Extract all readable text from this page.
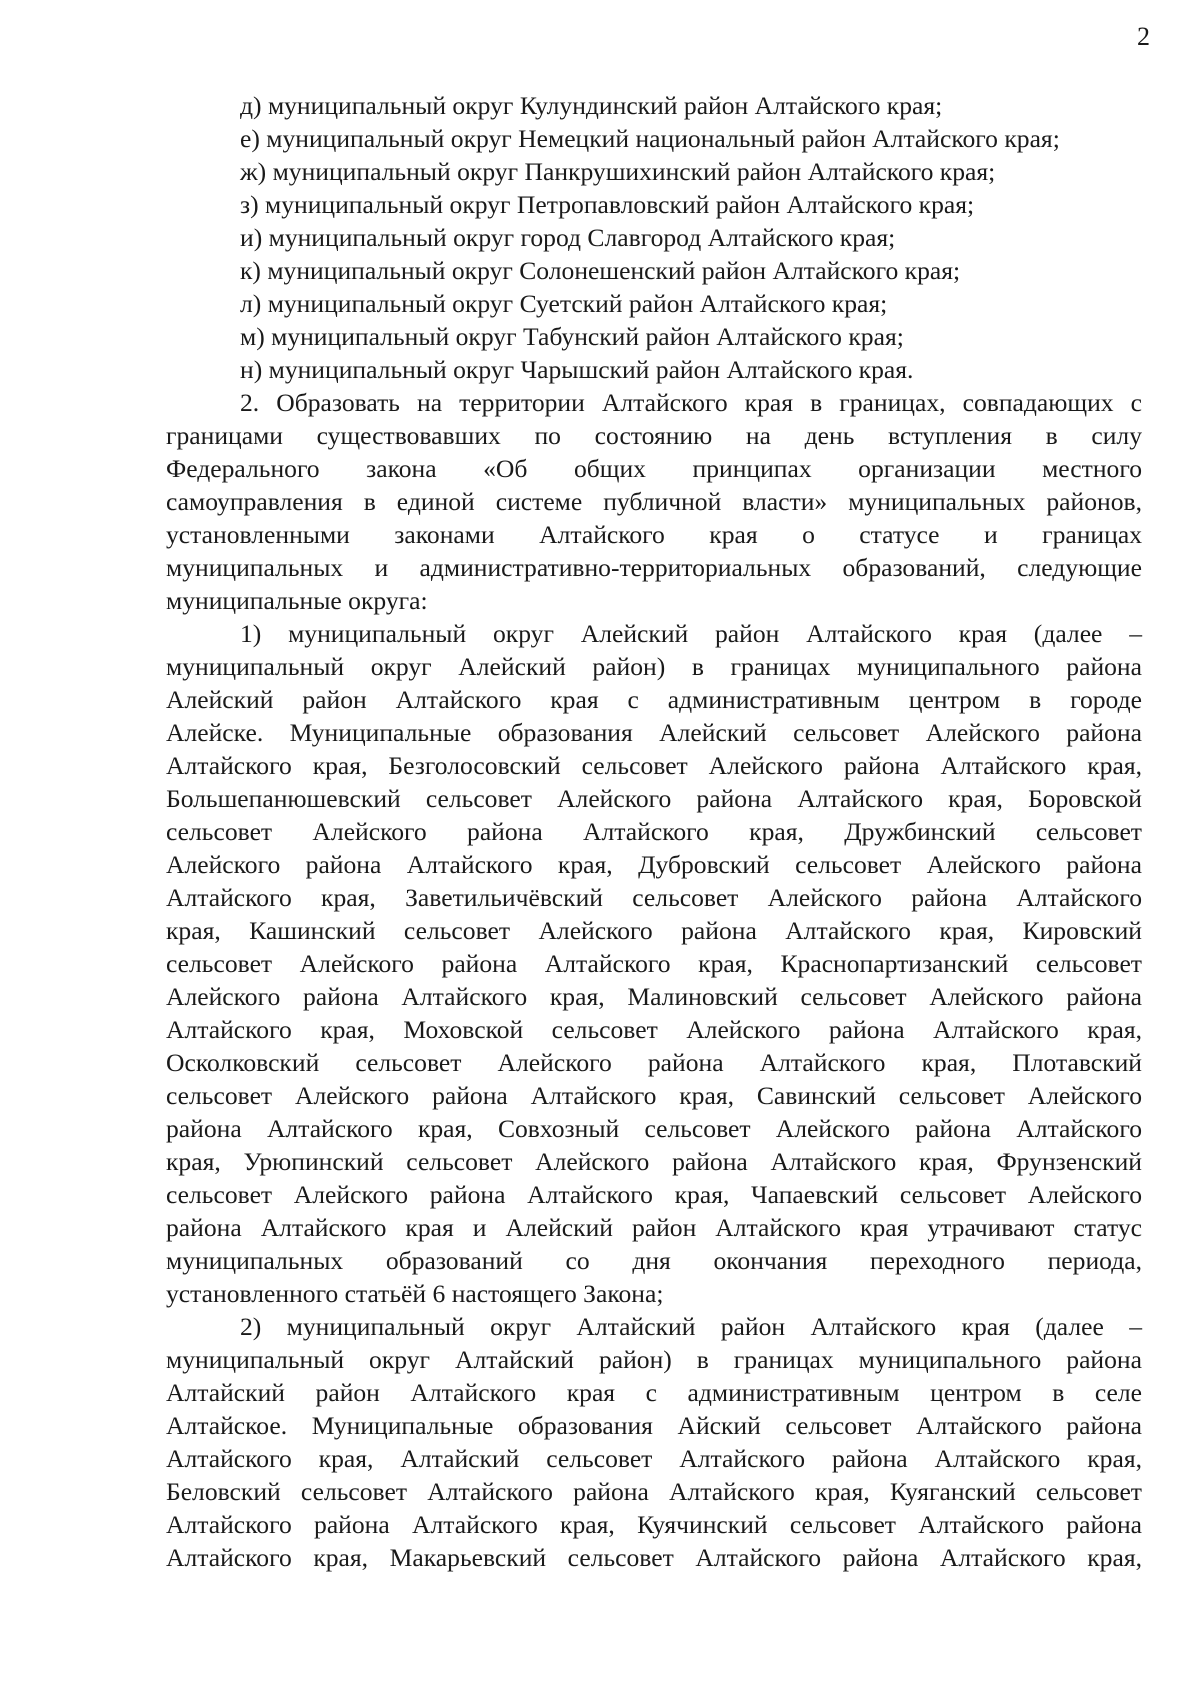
2
д) муниципальный округ Кулундинский район Алтайского края;
е) муниципальный округ Немецкий национальный район Алтайского края;
ж) муниципальный округ Панкрушихинский район Алтайского края;
з) муниципальный округ Петропавловский район Алтайского края;
и) муниципальный округ город Славгород Алтайского края;
к) муниципальный округ Солонешенский район Алтайского края;
л) муниципальный округ Суетский район Алтайского края;
м) муниципальный округ Табунский район Алтайского края;
н) муниципальный округ Чарышский район Алтайского края.
2. Образовать на территории Алтайского края в границах, совпадающих с
границами существовавших по состоянию на день вступления в силу
Федерального закона «Об общих принципах организации местного
самоуправления в единой системе публичной власти» муниципальных районов,
установленными законами Алтайского края о статусе и границах
муниципальных и административно-территориальных образований, следующие
муниципальные округа:
1) муниципальный округ Алейский район Алтайского края (далее –
муниципальный округ Алейский район) в границах муниципального района
Алейский район Алтайского края с административным центром в городе
Алейске. Муниципальные образования Алейский сельсовет Алейского района
Алтайского края, Безголосовский сельсовет Алейского района Алтайского края,
Большепанюшевский сельсовет Алейского района Алтайского края, Боровской
сельсовет Алейского района Алтайского края, Дружбинский сельсовет
Алейского района Алтайского края, Дубровский сельсовет Алейского района
Алтайского края, Заветильичёвский сельсовет Алейского района Алтайского
края, Кашинский сельсовет Алейского района Алтайского края, Кировский
сельсовет Алейского района Алтайского края, Краснопартизанский сельсовет
Алейского района Алтайского края, Малиновский сельсовет Алейского района
Алтайского края, Моховской сельсовет Алейского района Алтайского края,
Осколковский сельсовет Алейского района Алтайского края, Плотавский
сельсовет Алейского района Алтайского края, Савинский сельсовет Алейского
района Алтайского края, Совхозный сельсовет Алейского района Алтайского
края, Урюпинский сельсовет Алейского района Алтайского края, Фрунзенский
сельсовет Алейского района Алтайского края, Чапаевский сельсовет Алейского
района Алтайского края и Алейский район Алтайского края утрачивают статус
муниципальных образований со дня окончания переходного периода,
установленного статьёй 6 настоящего Закона;
2) муниципальный округ Алтайский район Алтайского края (далее –
муниципальный округ Алтайский район) в границах муниципального района
Алтайский район Алтайского края с административным центром в селе
Алтайское. Муниципальные образования Айский сельсовет Алтайского района
Алтайского края, Алтайский сельсовет Алтайского района Алтайского края,
Беловский сельсовет Алтайского района Алтайского края, Куяганский сельсовет
Алтайского района Алтайского края, Куячинский сельсовет Алтайского района
Алтайского края, Макарьевский сельсовет Алтайского района Алтайского края,
